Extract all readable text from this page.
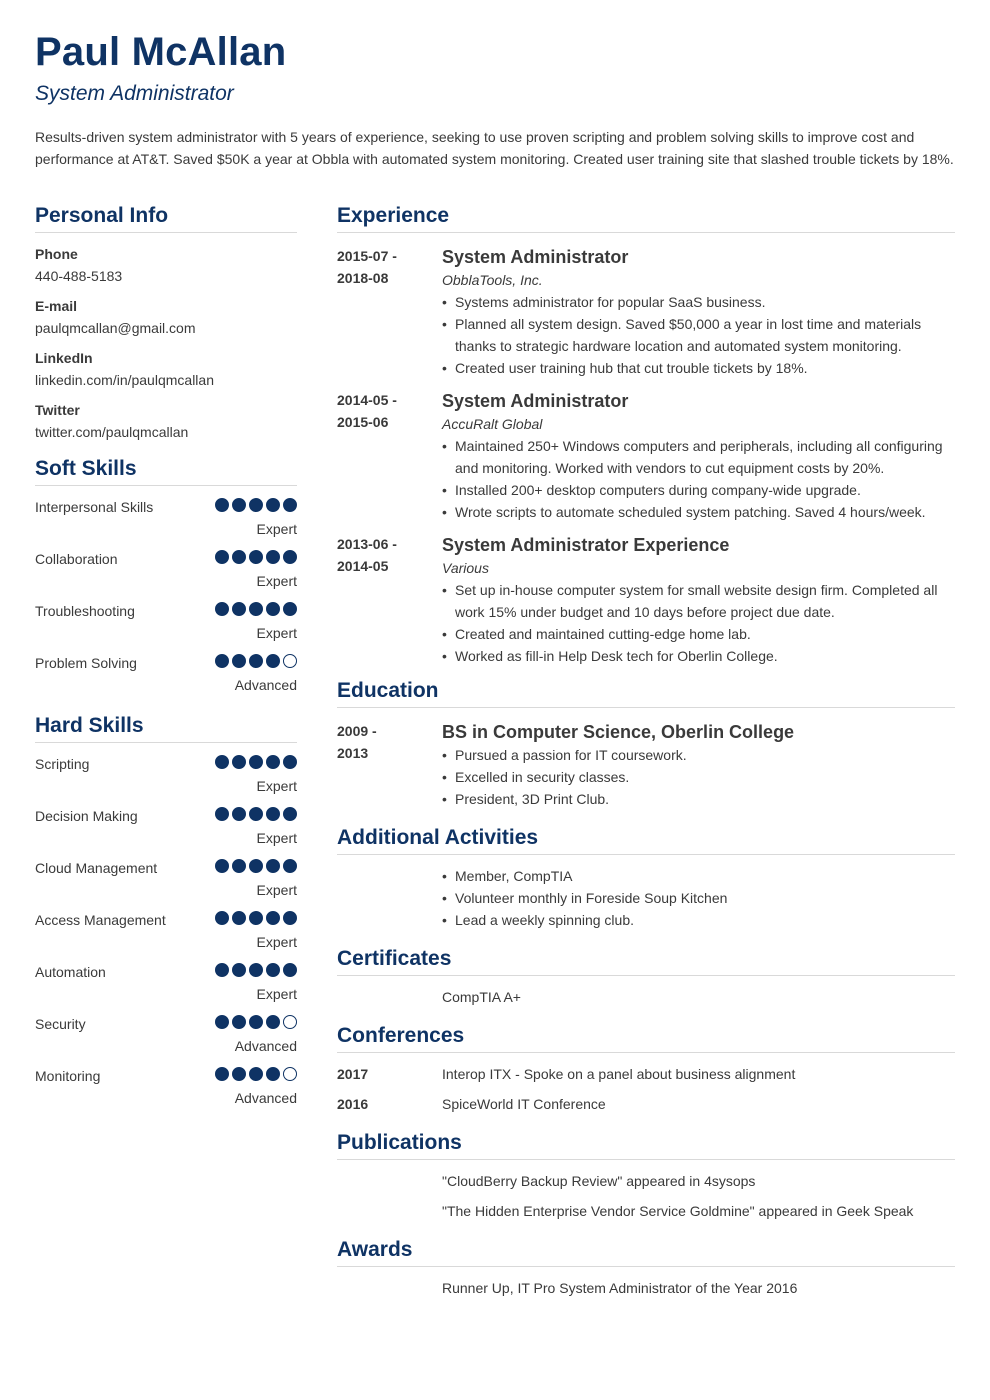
Paul McAllan
System Administrator
Results-driven system administrator with 5 years of experience, seeking to use proven scripting and problem solving skills to improve cost and performance at AT&T. Saved $50K a year at Obbla with automated system monitoring. Created user training site that slashed trouble tickets by 18%.
Personal Info
Phone
440-488-5183
E-mail
paulqmcallan@gmail.com
LinkedIn
linkedin.com/in/paulqmcallan
Twitter
twitter.com/paulqmcallan
Soft Skills
Interpersonal Skills
Expert
Collaboration
Expert
Troubleshooting
Expert
Problem Solving
Advanced
Hard Skills
Scripting
Expert
Decision Making
Expert
Cloud Management
Expert
Access Management
Expert
Automation
Expert
Security
Advanced
Monitoring
Advanced
Experience
2015-07 -
2018-08
System Administrator
ObblaTools, Inc.
• Systems administrator for popular SaaS business.
• Planned all system design. Saved $50,000 a year in lost time and materials thanks to strategic hardware location and automated system monitoring.
• Created user training hub that cut trouble tickets by 18%.
2014-05 -
2015-06
System Administrator
AccuRalt Global
• Maintained 250+ Windows computers and peripherals, including all configuring and monitoring. Worked with vendors to cut equipment costs by 20%.
• Installed 200+ desktop computers during company-wide upgrade.
• Wrote scripts to automate scheduled system patching. Saved 4 hours/week.
2013-06 -
2014-05
System Administrator Experience
Various
• Set up in-house computer system for small website design firm. Completed all work 15% under budget and 10 days before project due date.
• Created and maintained cutting-edge home lab.
• Worked as fill-in Help Desk tech for Oberlin College.
Education
2009 -
2013
BS in Computer Science, Oberlin College
• Pursued a passion for IT coursework.
• Excelled in security classes.
• President, 3D Print Club.
Additional Activities
• Member, CompTIA
• Volunteer monthly in Foreside Soup Kitchen
• Lead a weekly spinning club.
Certificates
CompTIA A+
Conferences
2017	Interop ITX - Spoke on a panel about business alignment
2016	SpiceWorld IT Conference
Publications
"CloudBerry Backup Review" appeared in 4sysops
"The Hidden Enterprise Vendor Service Goldmine" appeared in Geek Speak
Awards
Runner Up, IT Pro System Administrator of the Year 2016
